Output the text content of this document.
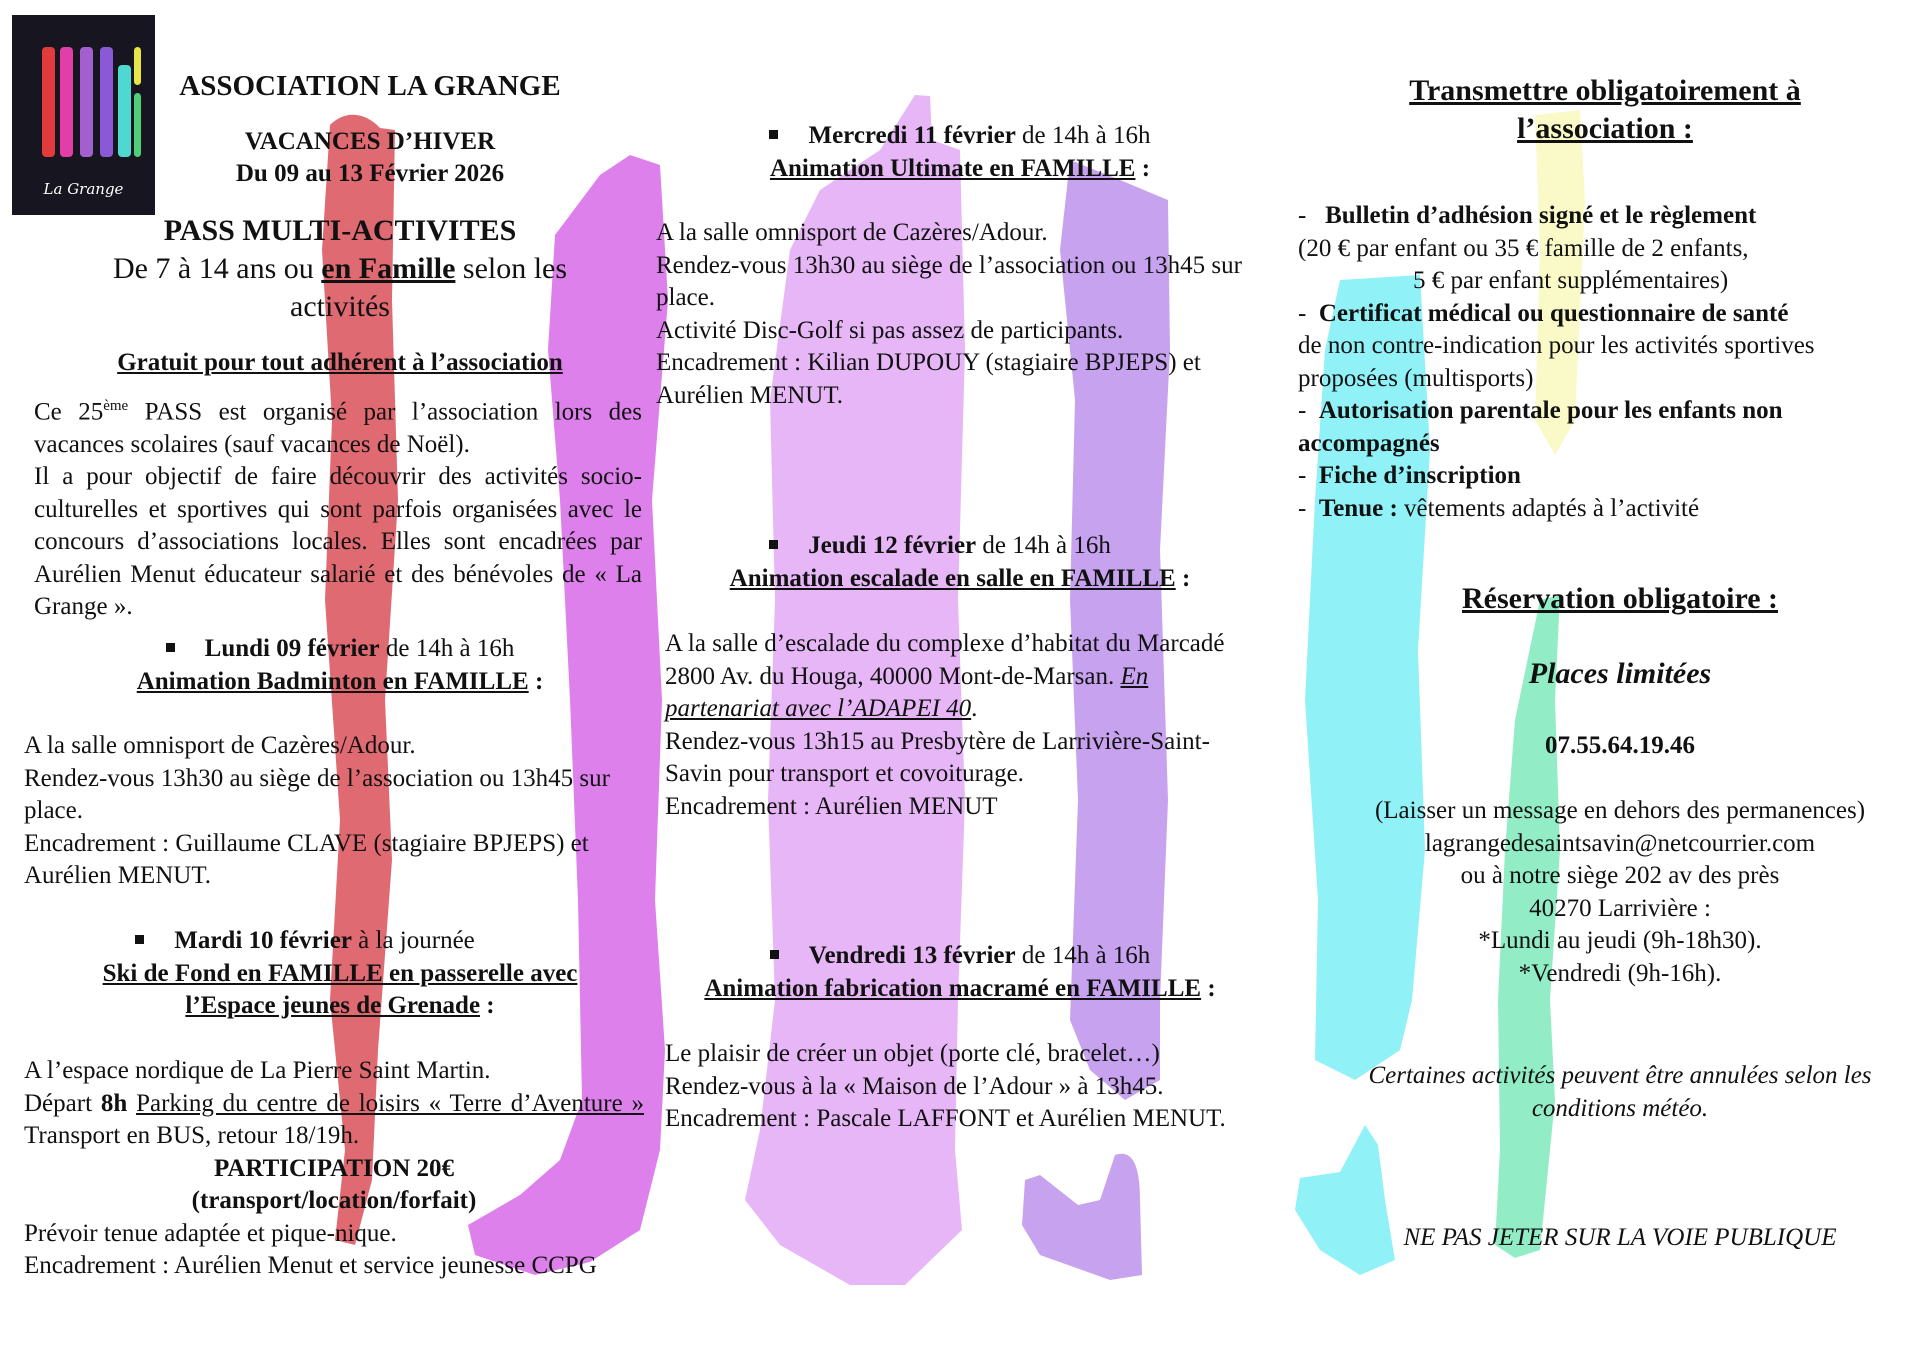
La Grange
ASSOCIATION LA GRANGE
VACANCES D’HIVER
Du 09 au 13 Février 2026
PASS MULTI-ACTIVITES
De 7 à 14 ans ou en Famille selon les activités
Gratuit pour tout adhérent à l’association

Ce 25ème PASS est organisé par l’association lors des vacances scolaires (sauf vacances de Noël).

Il a pour objectif de faire découvrir des activités socio-culturelles et sportives qui sont parfois organisées avec le concours d’associations locales. Elles sont encadrées par Aurélien Menut éducateur salarié et des bénévoles de « La Grange ».

Lundi 09 février de 14h à 16h

Animation Badminton en FAMILLE :

A la salle omnisport de Cazères/Adour.

Rendez-vous 13h30 au siège de l’association ou 13h45 sur place.

Encadrement : Guillaume CLAVE (stagiaire BPJEPS) et Aurélien MENUT.

Mardi 10 février à la journée

Ski de Fond en FAMILLE en passerelle avec

l’Espace jeunes de Grenade :

A l’espace nordique de La Pierre Saint Martin.

Départ 8h Parking du centre de loisirs « Terre d’Aventure » Transport en BUS, retour 18/19h.

PARTICIPATION 20€

(transport/location/forfait)

Prévoir tenue adaptée et pique-nique.

Encadrement : Aurélien Menut et service jeunesse CCPG

Mercredi 11 février de 14h à 16h

Animation Ultimate en FAMILLE :

A la salle omnisport de Cazères/Adour.

Rendez-vous 13h30 au siège de l’association ou 13h45 sur place.

Activité Disc-Golf si pas assez de participants.

Encadrement : Kilian DUPOUY (stagiaire BPJEPS) et Aurélien MENUT.

Jeudi 12 février de 14h à 16h

Animation escalade en salle en FAMILLE :

A la salle d’escalade du complexe d’habitat du Marcadé 2800 Av. du Houga, 40000 Mont-de-Marsan. En partenariat avec l’ADAPEI 40.

Rendez-vous 13h15 au Presbytère de Larrivière-Saint-Savin pour transport et covoiturage.

Encadrement : Aurélien MENUT

Vendredi 13 février de 14h à 16h

Animation fabrication macramé en FAMILLE :

Le plaisir de créer un objet (porte clé, bracelet…)

Rendez-vous à la « Maison de l’Adour » à 13h45.

Encadrement : Pascale LAFFONT et Aurélien MENUT.

Transmettre obligatoirement à

l’association :

- Bulletin d’adhésion signé et le règlement

(20 € par enfant ou 35 € famille de 2 enfants,

5 € par enfant supplémentaires)

- Certificat médical ou questionnaire de santé

de non contre-indication pour les activités sportives proposées (multisports)

- Autorisation parentale pour les enfants non accompagnés

- Fiche d’inscription

- Tenue : vêtements adaptés à l’activité

Réservation obligatoire :
Places limitées
07.55.64.19.46

(Laisser un message en dehors des permanences)

lagrangedesaintsavin@netcourrier.com

ou à notre siège 202 av des près 40270 Larrivière :

*Lundi au jeudi (9h-18h30).

*Vendredi (9h-16h).

Certaines activités peuvent être annulées selon les conditions météo.
NE PAS JETER SUR LA VOIE PUBLIQUE
